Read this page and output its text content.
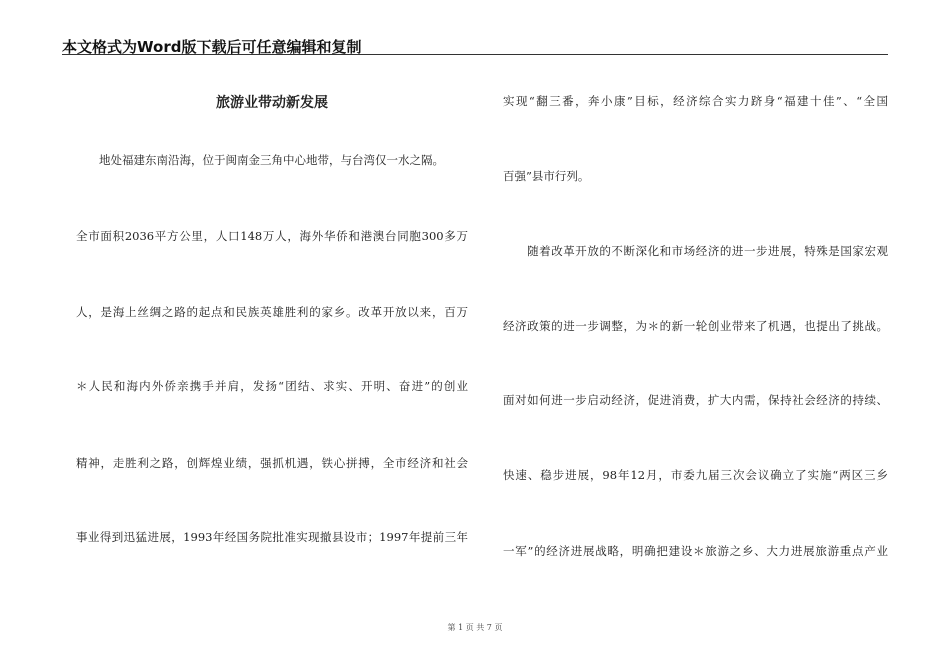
本文格式为Word版下载后可任意编辑和复制
旅游业带动新发展
　　地处福建东南沿海，位于闽南金三角中心地带，与台湾仅一水之隔。
全市面积2036平方公里，人口148万人，海外华侨和港澳台同胞300多万
人，是海上丝绸之路的起点和民族英雄胜利的家乡。改革开放以来，百万
＊人民和海内外侨亲携手并肩，发扬“团结、求实、开明、奋进”的创业
精神，走胜利之路，创辉煌业绩，强抓机遇，铁心拼搏，全市经济和社会
事业得到迅猛进展，1993年经国务院批准实现撤县设市；1997年提前三年
实现“翻三番，奔小康”目标，经济综合实力跻身“福建十佳”、“全国
百强”县市行列。
　　随着改革开放的不断深化和市场经济的进一步进展，特殊是国家宏观
经济政策的进一步调整，为＊的新一轮创业带来了机遇，也提出了挑战。
面对如何进一步启动经济，促进消费，扩大内需，保持社会经济的持续、
快速、稳步进展，98年12月，市委九届三次会议确立了实施“两区三乡
一军”的经济进展战略，明确把建设＊旅游之乡、大力进展旅游重点产业
第 1 页 共 7 页
